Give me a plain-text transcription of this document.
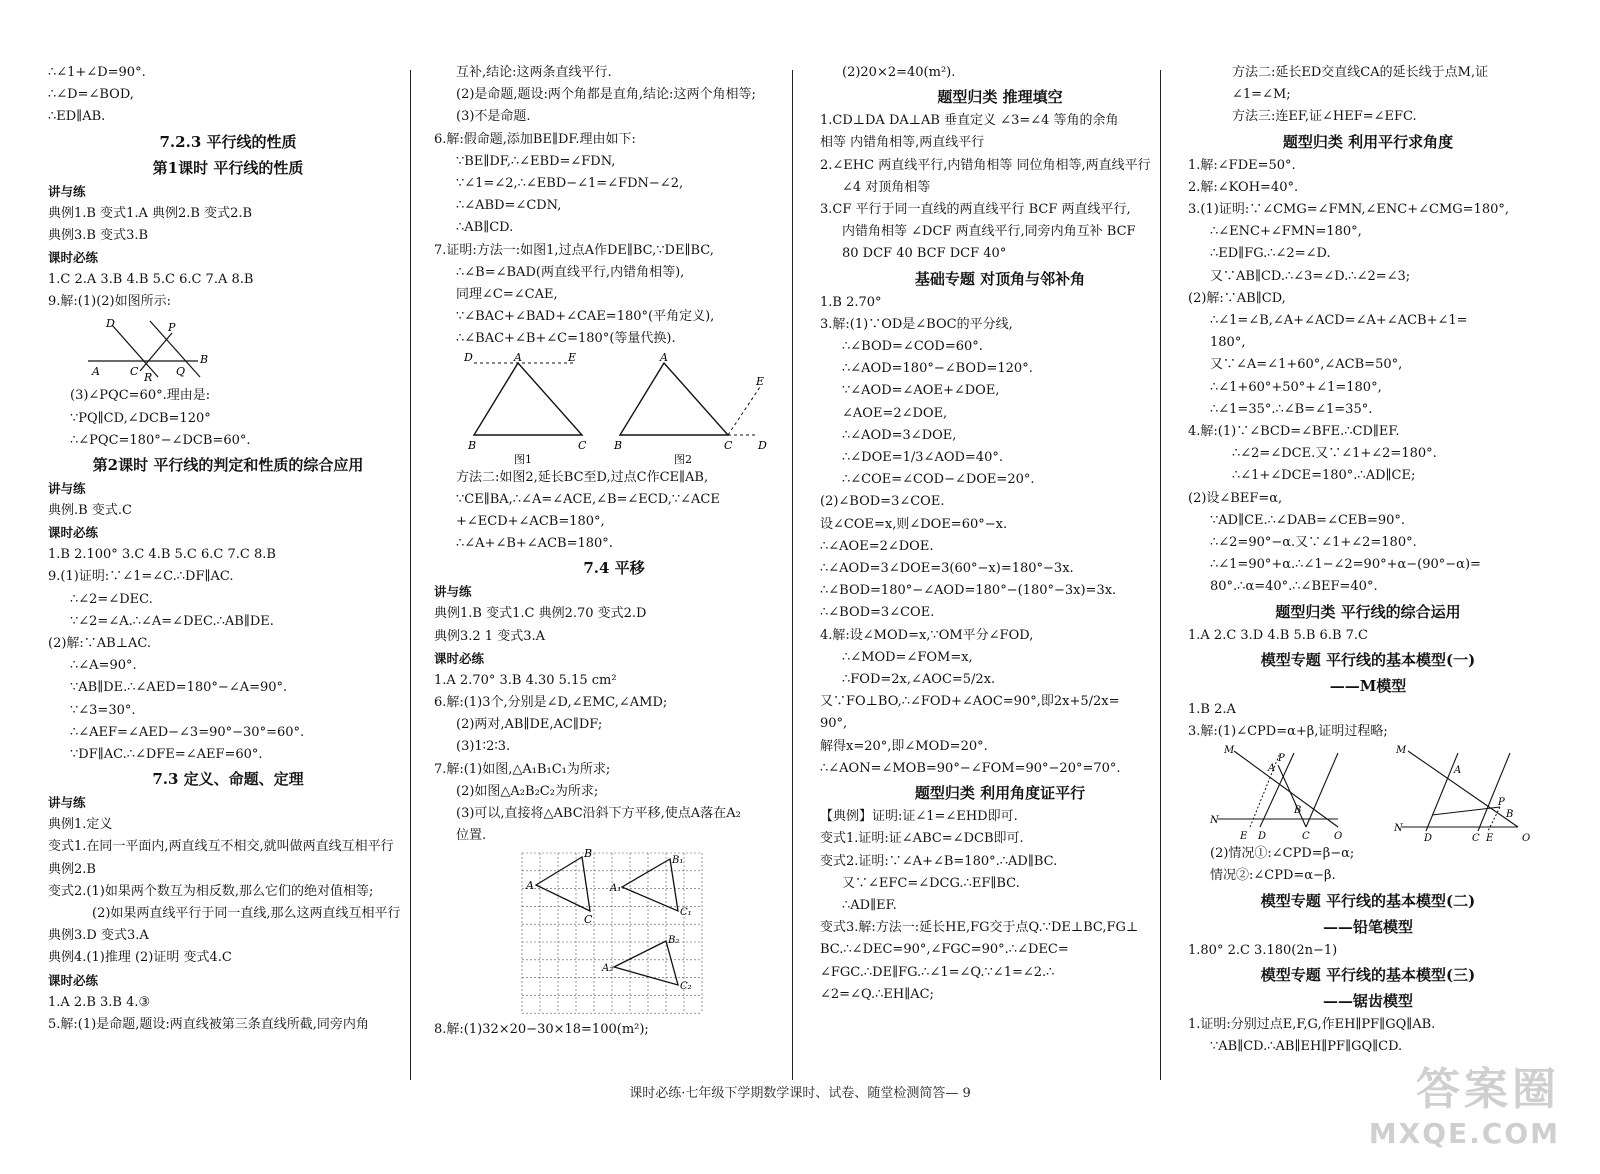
∴∠1+∠D=90°.
∴∠D=∠BOD,
∴ED∥AB.
7.2.3 平行线的性质
第1课时 平行线的性质
讲与练
典例1.B 变式1.A 典例2.B 变式2.B
典例3.B 变式3.B
课时必练
1.C 2.A 3.B 4.B 5.C 6.C 7.A 8.B
9.解:(1)(2)如图所示:
D	P
A	C R Q
B
(3)∠PQC=60°.理由是:
∵PQ∥CD,∠DCB=120°
∴∠PQC=180°−∠DCB=60°.
第2课时 平行线的判定和性质的综合应用
讲与练
典例.B 变式.C
课时必练
1.B 2.100° 3.C 4.B 5.C 6.C 7.C 8.B
9.(1)证明:∵∠1=∠C.∴DF∥AC.
∴∠2=∠DEC.
∵∠2=∠A.∴∠A=∠DEC.∴AB∥DE.
(2)解:∵AB⊥AC.
∴∠A=90°.
∵AB∥DE.∴∠AED=180°−∠A=90°.
∵∠3=30°.
∴∠AEF=∠AED−∠3=90°−30°=60°.
∵DF∥AC.∴∠DFE=∠AEF=60°.
7.3 定义、命题、定理
讲与练
典例1.定义
变式1.在同一平面内,两直线互不相交,就叫做两直线互相平行
典例2.B
变式2.(1)如果两个数互为相反数,那么它们的绝对值相等;
(2)如果两直线平行于同一直线,那么这两直线互相平行
典例3.D 变式3.A
典例4.(1)推理 (2)证明 变式4.C
课时必练
1.A 2.B 3.B 4.③
5.解:(1)是命题,题设:两直线被第三条直线所截,同旁内角
互补,结论:这两条直线平行.
(2)是命题,题设:两个角都是直角,结论:这两个角相等;
(3)不是命题.
6.解:假命题,添加BE∥DF.理由如下:
∵BE∥DF,∴∠EBD=∠FDN,
∵∠1=∠2,∴∠EBD−∠1=∠FDN−∠2,
∴∠ABD=∠CDN,
∴AB∥CD.
7.证明:方法一:如图1,过点A作DE∥BC,∵DE∥BC,
∴∠B=∠BAD(两直线平行,内错角相等),
同理∠C=∠CAE,
∵∠BAC+∠BAD+∠CAE=180°(平角定义),
∴∠BAC+∠B+∠C=180°(等量代换).
D	A	E
B	C
图1
A
E
B	C D
图2
方法二:如图2,延长BC至D,过点C作CE∥AB,
∵CE∥BA,∴∠A=∠ACE,∠B=∠ECD,∵∠ACE
+∠ECD+∠ACB=180°,
∴∠A+∠B+∠ACB=180°.
7.4 平移
讲与练
典例1.B 变式1.C 典例2.70 变式2.D
典例3.2 1 变式3.A
课时必练
1.A 2.70° 3.B 4.30 5.15 cm²
6.解:(1)3个,分别是∠D,∠EMC,∠AMD;
(2)两对,AB∥DE,AC∥DF;
(3)1∶2∶3.
7.解:(1)如图,△A₁B₁C₁为所求;
(2)如图△A₂B₂C₂为所求;
(3)可以,直接将△ABC沿斜下方平移,使点A落在A₂
位置.
B
A
C
B₁
A₁
C₁
B₂
A₂
C₂
8.解:(1)32×20−30×18=100(m²);
(2)20×2=40(m²).
题型归类 推理填空
1.CD⊥DA DA⊥AB 垂直定义 ∠3=∠4 等角的余角
相等 内错角相等,两直线平行
2.∠EHC 两直线平行,内错角相等 同位角相等,两直线平行
∠4 对顶角相等
3.CF 平行于同一直线的两直线平行 BCF 两直线平行,
内错角相等 ∠DCF 两直线平行,同旁内角互补 BCF
80 DCF 40 BCF DCF 40°
基础专题 对顶角与邻补角
1.B 2.70°
3.解:(1)∵OD是∠BOC的平分线,
∴∠BOD=∠COD=60°.
∴∠AOD=180°−∠BOD=120°.
∵∠AOD=∠AOE+∠DOE,
∠AOE=2∠DOE,
∴∠AOD=3∠DOE,
∴∠DOE=1/3∠AOD=40°.
∴∠COE=∠COD−∠DOE=20°.
(2)∠BOD=3∠COE.
设∠COE=x,则∠DOE=60°−x.
∴∠AOE=2∠DOE.
∴∠AOD=3∠DOE=3(60°−x)=180°−3x.
∴∠BOD=180°−∠AOD=180°−(180°−3x)=3x.
∴∠BOD=3∠COE.
4.解:设∠MOD=x,∵OM平分∠FOD,
∴∠MOD=∠FOM=x,
∴FOD=2x,∠AOC=5/2x.
又∵FO⊥BO,∴∠FOD+∠AOC=90°,即2x+5/2x=
90°,
解得x=20°,即∠MOD=20°.
∴∠AON=∠MOB=90°−∠FOM=90°−20°=70°.
题型归类 利用角度证平行
【典例】证明:证∠1=∠EHD即可.
变式1.证明:证∠ABC=∠DCB即可.
变式2.证明:∵∠A+∠B=180°.∴AD∥BC.
又∵∠EFC=∠DCG.∴EF∥BC.
∴AD∥EF.
变式3.解:方法一:延长HE,FG交于点Q.∵DE⊥BC,FG⊥
BC.∴∠DEC=90°,∠FGC=90°.∴∠DEC=
∠FGC.∴DE∥FG.∴∠1=∠Q.∵∠1=∠2.∴
∠2=∠Q.∴EH∥AC;
方法二:延长ED交直线CA的延长线于点M,证
∠1=∠M;
方法三:连EF,证∠HEF=∠EFC.
题型归类 利用平行求角度
1.解:∠FDE=50°.
2.解:∠KOH=40°.
3.(1)证明:∵∠CMG=∠FMN,∠ENC+∠CMG=180°,
∴∠ENC+∠FMN=180°,
∴ED∥FG.∴∠2=∠D.
又∵AB∥CD.∴∠3=∠D.∴∠2=∠3;
(2)解:∵AB∥CD,
∴∠1=∠B,∠A+∠ACD=∠A+∠ACB+∠1=
180°,
又∵∠A=∠1+60°,∠ACB=50°,
∴∠1+60°+50°+∠1=180°,
∴∠1=35°.∴∠B=∠1=35°.
4.解:(1)∵∠BCD=∠BFE.∴CD∥EF.
∴∠2=∠DCE.又∵∠1+∠2=180°.
∴∠1+∠DCE=180°.∴AD∥CE;
(2)设∠BEF=α,
∵AD∥CE.∴∠DAB=∠CEB=90°.
∴∠2=90°−α.又∵∠1+∠2=180°.
∴∠1=90°+α.∴∠1−∠2=90°+α−(90°−α)=
80°.∴α=40°.∴∠BEF=40°.
题型归类 平行线的综合运用
1.A 2.C 3.D 4.B 5.B 6.B 7.C
模型专题 平行线的基本模型(一)
——M模型
1.B 2.A
3.解:(1)∠CPD=α+β,证明过程略;
M
P
A
N
E D	C
B
O
M
A
N
D	C E
P
B
O
(2)情况①:∠CPD=β−α;
情况②:∠CPD=α−β.
模型专题 平行线的基本模型(二)
——铅笔模型
1.80° 2.C 3.180(2n−1)
模型专题 平行线的基本模型(三)
——锯齿模型
1.证明:分别过点E,F,G,作EH∥PF∥GQ∥AB.
∵AB∥CD.∴AB∥EH∥PF∥GQ∥CD.
课时必练·七年级下学期数学课时、试卷、随堂检测简答— 9	答案圈
MXQE.COM
